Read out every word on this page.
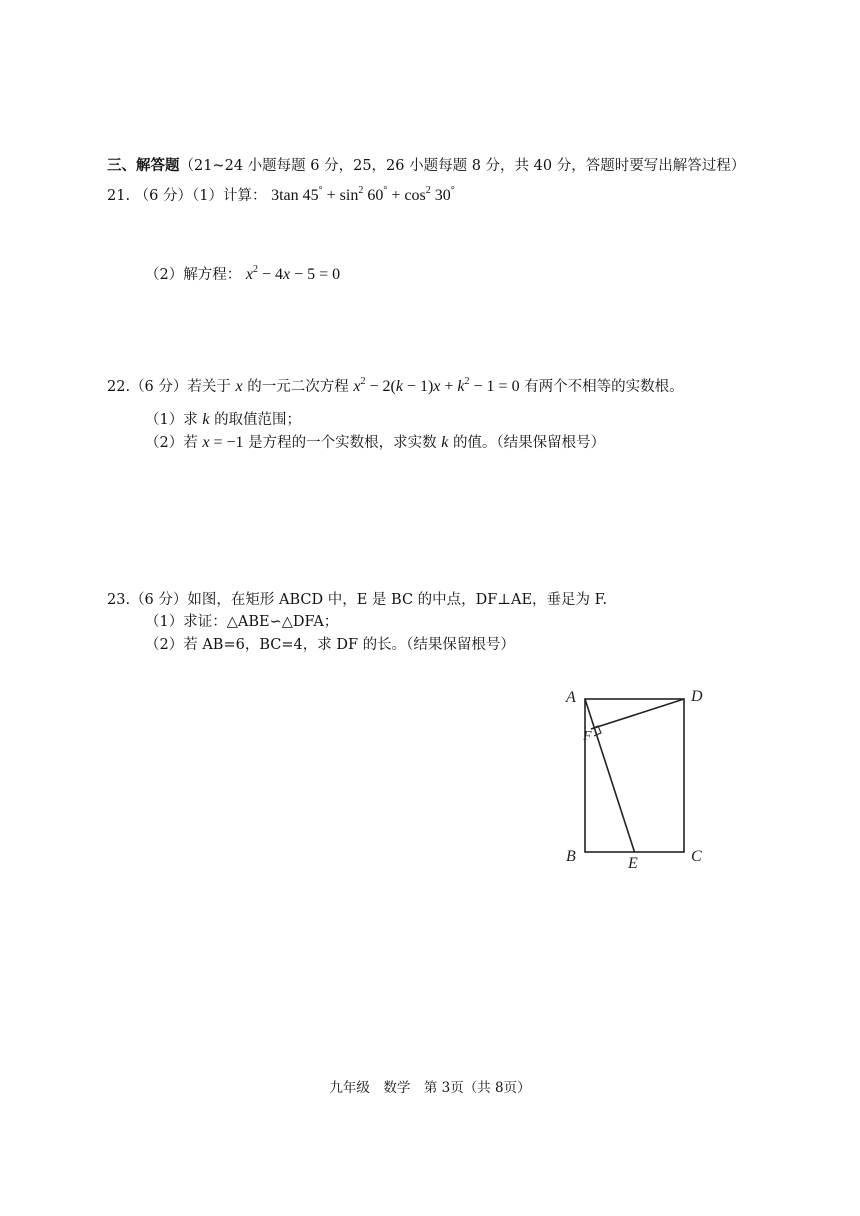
三、解答题（21~24 小题每题 6 分，25，26 小题每题 8 分，共 40 分，答题时要写出解答过程）
21. （6 分）（1）计算： 3tan $45^\circ + \sin^2 60^\circ + \cos^2 30^\circ$
（2）解方程： $x^2 - 4x - 5 = 0$
22.（6 分）若关于 x 的一元二次方程 $x^2 - 2(k - 1)x + k^2 - 1 = 0$ 有两个不相等的实数根。
（1）求 k 的取值范围；
（2）若 x = −1 是方程的一个实数根，求实数 k 的值。（结果保留根号）
23.（6 分）如图，在矩形 ABCD 中，E 是 BC 的中点，DF⊥AE，垂足为 F.
（1）求证：△ABE∽△DFA；
（2）若 AB=6，BC=4，求 DF 的长。（结果保留根号）
A	D
F
B	C
E
九年级　数学　第 3页（共 8页）
